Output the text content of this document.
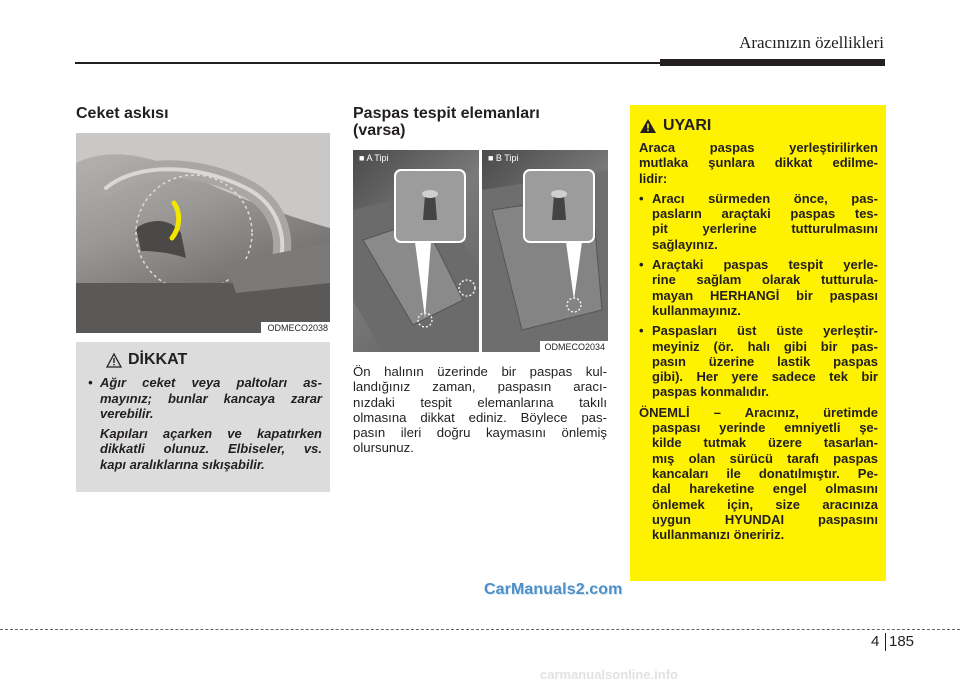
Aracınızın özellikleri
Ceket askısı
ODMECO2038
DİKKAT
• Ağır ceket veya paltoları as-
mayınız; bunlar kancaya zarar
verebilir.
Kapıları açarken ve kapatırken
dikkatli olunuz. Elbiseler, vs.
kapı aralıklarına sıkışabilir.
Paspas tespit elemanları
(varsa)
■ A Tipi	■ B Tipi
ODMECO2034
Ön halının üzerinde bir paspas kul-
landığınız zaman, paspasın aracı-
nızdaki tespit elemanlarına takılı
olmasına dikkat ediniz. Böylece pas-
pasın ileri doğru kaymasını önlemiş
olursunuz.
UYARI
Araca paspas yerleştirilirken
mutlaka şunlara dikkat edilme-
lidir:
• Aracı sürmeden önce, pas-
pasların araçtaki paspas tes-
pit yerlerine tutturulmasını
sağlayınız.
• Araçtaki paspas tespit yerle-
rine sağlam olarak tutturula-
mayan HERHANGİ bir paspası
kullanmayınız.
• Paspasları üst üste yerleştir-
meyiniz (ör. halı gibi bir pas-
pasın üzerine lastik paspas
gibi). Her yere sadece tek bir
paspas konmalıdır.
ÖNEMLİ – Aracınız, üretimde
paspası yerinde emniyetli şe-
kilde tutmak üzere tasarlan-
mış olan sürücü tarafı paspas
kancaları ile donatılmıştır. Pe-
dal hareketine engel olmasını
önlemek için, size aracınıza
uygun HYUNDAI paspasını
kullanmanızı öneririz.
CarManuals2.com
4 185
carmanualsonline.info
